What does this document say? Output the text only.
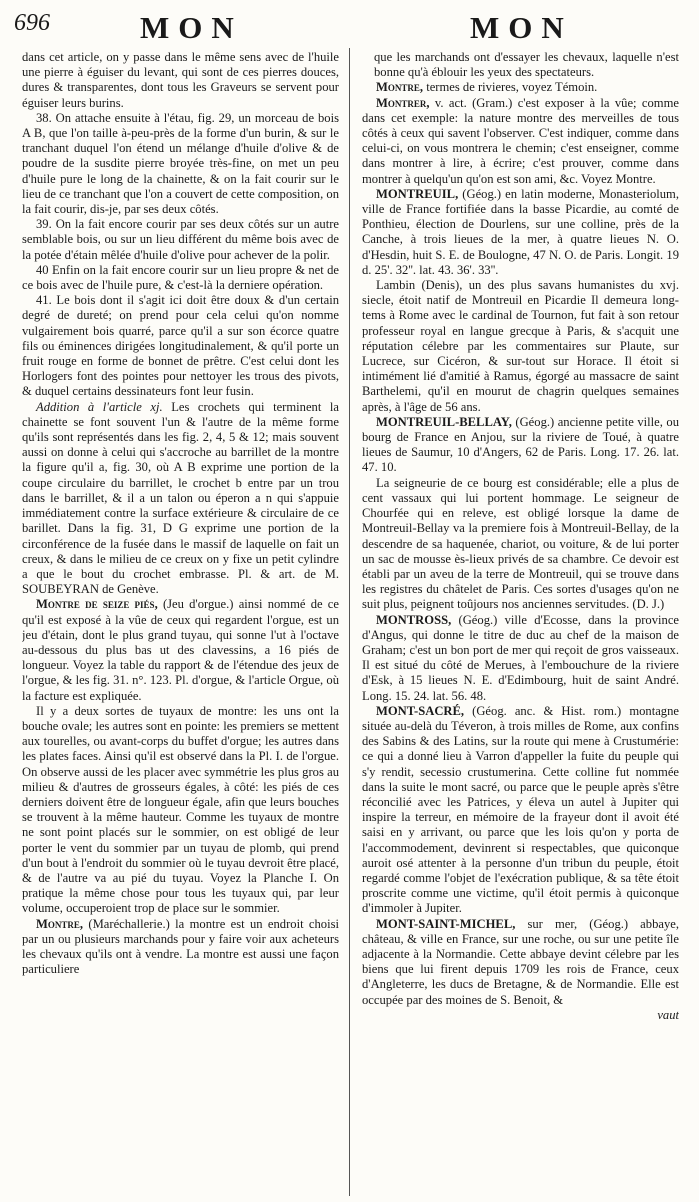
696	MON	MON

dans cet article, on y passe dans le même sens avec de l'huile une pierre à éguiser du levant, qui sont de ces pierres douces, dures & transparentes, dont tous les Graveurs se servent pour éguiser leurs burins.

38. On attache ensuite à l'étau, fig. 29, un morceau de bois A B, que l'on taille à-peu-près de la forme d'un burin, & sur le tranchant duquel l'on étend un mélange d'huile d'olive & de poudre de la susdite pierre broyée très-fine, on met un peu d'huile pure le long de la chainette, & on la fait courir sur le lieu de ce tranchant que l'on a couvert de cette composition, on la fait courir, dis-je, par ses deux côtés.

39. On la fait encore courir par ses deux côtés sur un autre semblable bois, ou sur un lieu différent du même bois avec de la potée d'étain mêlée d'huile d'olive pour achever de la polir.

40 Enfin on la fait encore courir sur un lieu propre & net de ce bois avec de l'huile pure, & c'est-là la derniere opération.

41. Le bois dont il s'agit ici doit être doux & d'un certain degré de dureté; on prend pour cela celui qu'on nomme vulgairement bois quarré, parce qu'il a sur son écorce quatre fils ou éminences dirigées longitudinalement, & qu'il porte un fruit rouge en forme de bonnet de prêtre. C'est celui dont les Horlogers font des pointes pour nettoyer les trous des pivots, & duquel certains dessinateurs font leur fusin.

Addition à l'article xj. Les crochets qui terminent la chainette se font souvent l'un & l'autre de la même forme qu'ils sont représentés dans les fig. 2, 4, 5 & 12; mais souvent aussi on donne à celui qui s'accroche au barrillet de la montre la figure qu'il a, fig. 30, où A B exprime une portion de la coupe circulaire du barrillet, le crochet b entre par un trou dans le barrillet, & il a un talon ou éperon a n qui s'appuie immédiatement contre la surface extérieure & circulaire de ce barillet. Dans la fig. 31, D G exprime une portion de la circonférence de la fusée dans le massif de laquelle on fait un creux, & dans le milieu de ce creux on y fixe un petit cylindre a que le bout du crochet embrasse. Pl. & art. de M. SOUBEYRAN de Genève.

Montre de seize piés, (Jeu d'orgue.) ainsi nommé de ce qu'il est exposé à la vûe de ceux qui regardent l'orgue, est un jeu d'étain, dont le plus grand tuyau, qui sonne l'ut à l'octave au-dessous du plus bas ut des clavessins, a 16 piés de longueur. Voyez la table du rapport & de l'étendue des jeux de l'orgue, & les fig. 31. n°. 123. Pl. d'orgue, & l'article Orgue, où la facture est expliquée.

Il y a deux sortes de tuyaux de montre: les uns ont la bouche ovale; les autres sont en pointe: les premiers se mettent aux tourelles, ou avant-corps du buffet d'orgue; les autres dans les plates faces. Ainsi qu'il est observé dans la Pl. I. de l'orgue. On observe aussi de les placer avec symmétrie les plus gros au milieu & d'autres de grosseurs égales, à côté: les piés de ces derniers doivent être de longueur égale, afin que leurs bouches se trouvent à la même hauteur. Comme les tuyaux de montre ne sont point placés sur le sommier, on est obligé de leur porter le vent du sommier par un tuyau de plomb, qui prend d'un bout à l'endroit du sommier où le tuyau devroit être placé, & de l'autre va au pié du tuyau. Voyez la Planche I. On pratique la même chose pour tous les tuyaux qui, par leur volume, occuperoient trop de place sur le sommier.

Montre, (Maréchallerie.) la montre est un endroit choisi par un ou plusieurs marchands pour y faire voir aux acheteurs les chevaux qu'ils ont à vendre. La montre est aussi une façon particuliere

que les marchands ont d'essayer les chevaux, laquelle n'est bonne qu'à éblouir les yeux des spectateurs.

Montre, termes de rivieres, voyez Témoin.

Montrer, v. act. (Gram.) c'est exposer à la vûe; comme dans cet exemple: la nature montre des merveilles de tous côtés à ceux qui savent l'observer. C'est indiquer, comme dans celui-ci, on vous montrera le chemin; c'est enseigner, comme dans montrer à lire, à écrire; c'est prouver, comme dans montrer à quelqu'un qu'on est son ami, &c. Voyez Montre.

MONTREUIL, (Géog.) en latin moderne, Monasteriolum, ville de France fortifiée dans la basse Picardie, au comté de Ponthieu, élection de Dourlens, sur une colline, près de la Canche, à trois lieues de la mer, à quatre lieues N. O. d'Hesdin, huit S. E. de Boulogne, 47 N. O. de Paris. Longit. 19 d. 25'. 32''. lat. 43. 36'. 33''.

Lambin (Denis), un des plus savans humanistes du xvj. siecle, étoit natif de Montreuil en Picardie Il demeura long-tems à Rome avec le cardinal de Tournon, fut fait à son retour professeur royal en langue grecque à Paris, & s'acquit une réputation célebre par les commentaires sur Plaute, sur Lucrece, sur Cicéron, & sur-tout sur Horace. Il étoit si intimément lié d'amitié à Ramus, égorgé au massacre de saint Barthelemi, qu'il en mourut de chagrin quelques semaines après, à l'âge de 56 ans.

MONTREUIL-BELLAY, (Géog.) ancienne petite ville, ou bourg de France en Anjou, sur la riviere de Toué, à quatre lieues de Saumur, 10 d'Angers, 62 de Paris. Long. 17. 26. lat. 47. 10.

La seigneurie de ce bourg est considérable; elle a plus de cent vassaux qui lui portent hommage. Le seigneur de Chourfée qui en releve, est obligé lorsque la dame de Montreuil-Bellay va la premiere fois à Montreuil-Bellay, de la descendre de sa haquenée, chariot, ou voiture, & de lui porter un sac de mousse ès-lieux privés de sa chambre. Ce devoir est établi par un aveu de la terre de Montreuil, qui se trouve dans les registres du châtelet de Paris. Ces sortes d'usages qu'on ne suit plus, peignent toûjours nos anciennes servitudes. (D. J.)

MONTROSS, (Géog.) ville d'Ecosse, dans la province d'Angus, qui donne le titre de duc au chef de la maison de Graham; c'est un bon port de mer qui reçoit de gros vaisseaux. Il est situé du côté de Merues, à l'embouchure de la riviere d'Esk, à 15 lieues N. E. d'Edimbourg, huit de saint André. Long. 15. 24. lat. 56. 48.

MONT-SACRÉ, (Géog. anc. & Hist. rom.) montagne située au-delà du Téveron, à trois milles de Rome, aux confins des Sabins & des Latins, sur la route qui mene à Crustumérie: ce qui a donné lieu à Varron d'appeller la fuite du peuple qui s'y rendit, secessio crustumerina. Cette colline fut nommée dans la suite le mont sacré, ou parce que le peuple après s'être réconcilié avec les Patrices, y éleva un autel à Jupiter qui inspire la terreur, en mémoire de la frayeur dont il avoit été saisi en y arrivant, ou parce que les lois qu'on y porta de l'accommodement, devinrent si respectables, que quiconque auroit osé attenter à la personne d'un tribun du peuple, étoit regardé comme l'objet de l'exécration publique, & sa tête étoit proscrite comme une victime, qu'il étoit permis à quiconque d'immoler à Jupiter.

MONT-SAINT-MICHEL, sur mer, (Géog.) abbaye, château, & ville en France, sur une roche, ou sur une petite île adjacente à la Normandie. Cette abbaye devint célebre par les biens que lui firent depuis 1709 les rois de France, ceux d'Angleterre, les ducs de Bretagne, & de Normandie. Elle est occupée par des moines de S. Benoit, &

vaut
